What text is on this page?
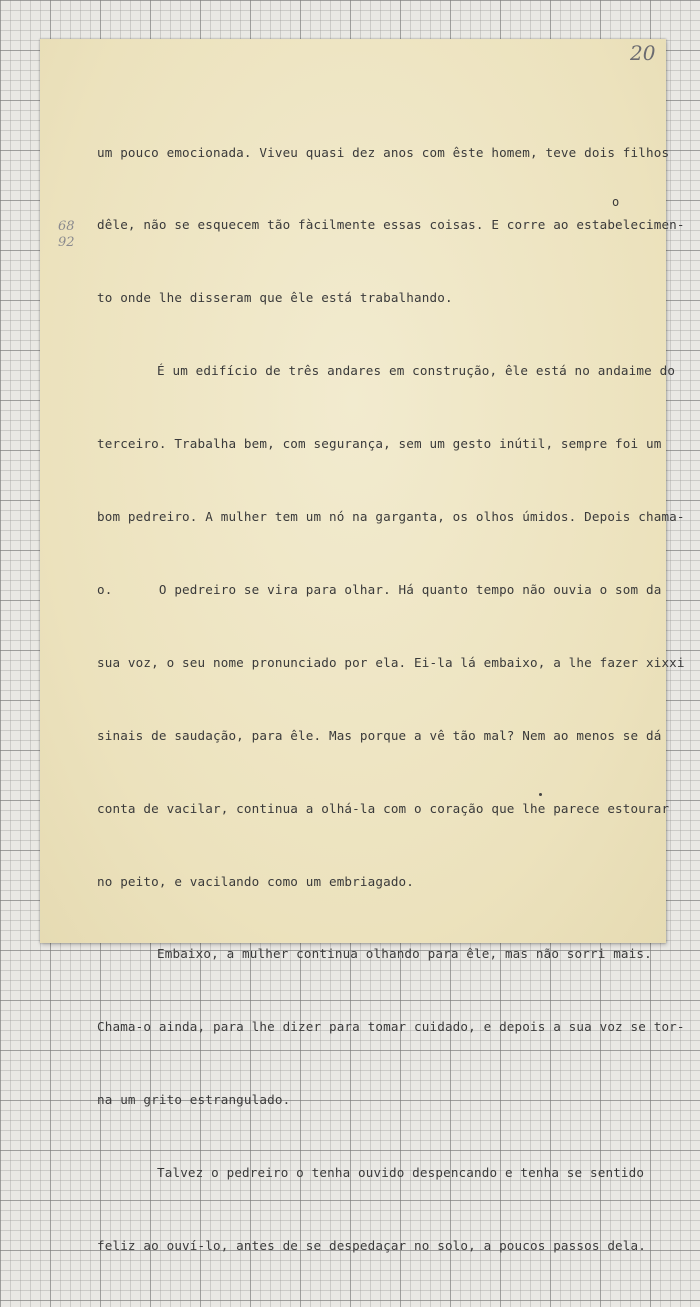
20
68
92
o

um pouco emocionada. Viveu quasi dez anos com êste homem, teve dois filhos

dêle, não se esquecem tão fàcilmente essas coisas. E corre ao estabelecimen-

to onde lhe disseram que êle está trabalhando.

É um edifício de três andares em construção, êle está no andaime do

terceiro. Trabalha bem, com segurança, sem um gesto inútil, sempre foi um

bom pedreiro. A mulher tem um nó na garganta, os olhos úmidos. Depois chama-

o.      O pedreiro se vira para olhar. Há quanto tempo não ouvia o som da

sua voz, o seu nome pronunciado por ela. Ei-la lá embaixo, a lhe fazer xixxi

sinais de saudação, para êle. Mas porque a vê tão mal? Nem ao menos se dá

conta de vacilar, continua a olhá-la com o coração que lhe parece estourar

no peito, e vacilando como um embriagado.

Embaixo, a mulher continua olhando para êle, mas não sorri mais.

Chama-o ainda, para lhe dizer para tomar cuidado, e depois a sua voz se tor-

na um grito estrangulado.

Talvez o pedreiro o tenha ouvido despencando e tenha se sentido

feliz ao ouví-lo, antes de se despedaçar no solo, a poucos passos dela.
